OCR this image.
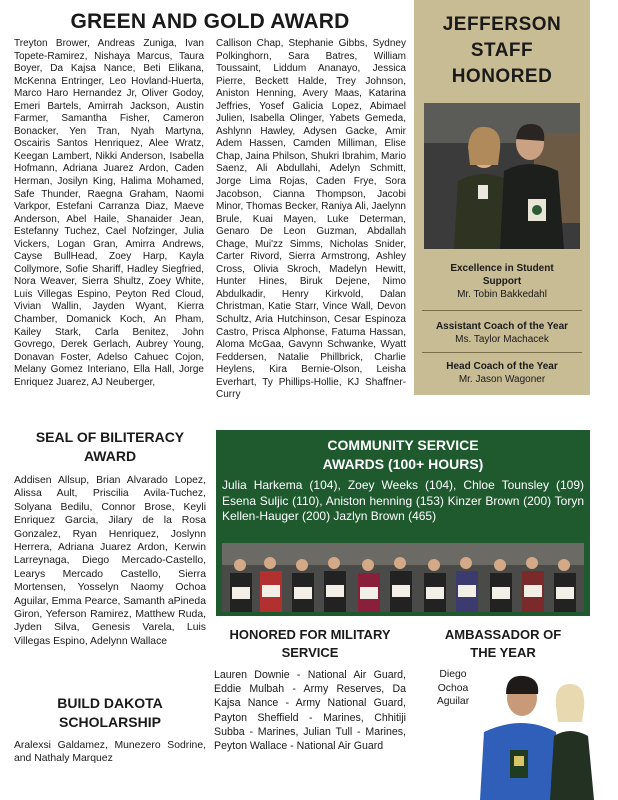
GREEN AND GOLD AWARD

Treyton Brower, Andreas Zuniga, Ivan Topete-Ramirez, Nishaya Marcus, Taura Boyer, Da Kajsa Nance, Beti Elikana, McKenna Entringer, Leo Hovland-Huerta, Marco Haro Hernandez Jr, Oliver Godoy, Emeri Bartels, Amirrah Jackson, Austin Farmer, Samantha Fisher, Cameron Bonacker, Yen Tran, Nyah Martyna, Oscairis Santos Henriquez, Alee Wratz, Keegan Lambert, Nikki Anderson, Isabella Hofmann, Adriana Juarez Ardon, Caden Herman, Josilyn King, Halima Mohamed, Safe Thunder, Raegna Graham, Naomi Varkpor, Estefani Carranza Diaz, Maeve Anderson, Abel Haile, Shanaider Jean, Estefanny Tuchez, Cael Nofzinger, Julia Vickers, Logan Gran, Amirra Andrews, Cayse BullHead, Zoey Harp, Kayla Collymore, Sofie Shariff, Hadley Siegfried, Nora Weaver, Sierra Shultz, Zoey White, Luis Villegas Espino, Peyton Red Cloud, Vivian Wallin, Jayden Wyant, Kierra Chamber, Domanick Koch, An Pham, Kailey Stark, Carla Benitez, John Govrego, Derek Gerlach, Aubrey Young, Donavan Foster, Adelso Cahuec Cojon, Melany Gomez Interiano, Ella Hall, Jorge Enriquez Juarez, AJ Neuberger,

Callison Chap, Stephanie Gibbs, Sydney Polkinghorn, Sara Batres, William Toussaint, Liddum Ananayo, Jessica Pierre, Beckett Halde, Trey Johnson, Aniston Henning, Avery Maas, Katarina Jeffries, Yosef Galicia Lopez, Abimael Julien, Isabella Olinger, Yabets Gemeda, Ashlynn Hawley, Adysen Gacke, Amir Adem Hassen, Camden Milliman, Elise Chap, Jaina Philson, Shukri Ibrahim, Mario Saenz, Ali Abdullahi, Adelyn Schmitt, Jorge Lima Rojas, Caden Frye, Sora Jacobson, Cianna Thompson, Jacobi Minor, Thomas Becker, Raniya Ali, Jaelynn Brule, Kuai Mayen, Luke Determan, Genaro De Leon Guzman, Abdallah Chage, Mui'zz Simms, Nicholas Snider, Carter Rivord, Sierra Armstrong, Ashley Cross, Olivia Skroch, Madelyn Hewitt, Hunter Hines, Biruk Dejene, Nimo Abdulkadir, Henry Kirkvold, Dalan Christman, Katie Starr, Vince Wall, Devon Schultz, Aria Hutchinson, Cesar Espinoza Castro, Prisca Alphonse, Fatuma Hassan, Aloma McGaa, Gavynn Schwanke, Wyatt Feddersen, Natalie Phillbrick, Charlie Heylens, Kira Bernie-Olson, Leisha Everhart, Ty Phillips-Hollie, KJ Shaffner-Curry

JEFFERSON
STAFF
HONORED
Excellence in Student
Support
Mr. Tobin Bakkedahl
Assistant Coach of the Year
Ms. Taylor Machacek
Head Coach of the Year
Mr. Jason Wagoner
SEAL OF BILITERACY
AWARD

Addisen Allsup, Brian Alvarado Lopez, Alissa Ault, Priscilia Avila-Tuchez, Solyana Bedilu, Connor Brose, Keyli Enriquez Garcia, Jilary de la Rosa Gonzalez, Ryan Henriquez, Joslynn Herrera, Adriana Juarez Ardon, Kerwin Larreynaga, Diego Mercado-Castello, Learys Mercado Castello, Sierra Mortensen, Yosselyn Naomy Ochoa Aguilar, Emma Pearce, Samanth aPineda Giron, Yeferson Ramirez, Matthew Ruda, Jyden Silva, Genesis Varela, Luis Villegas Espino, Adelynn Wallace

BUILD DAKOTA
SCHOLARSHIP

Aralexsi Galdamez, Munezero Sodrine, and Nathaly Marquez

COMMUNITY SERVICE
AWARDS (100+ HOURS)

Julia Harkema (104), Zoey Weeks (104), Chloe Tounsley (109) Esena Suljic (110), Aniston henning (153) Kinzer Brown (200) Toryn Kellen-Hauger (200) Jazlyn Brown (465)

HONORED FOR MILITARY
SERVICE

Lauren Downie - National Air Guard, Eddie Mulbah - Army Reserves, Da Kajsa Nance - Army National Guard, Payton Sheffield - Marines, Chhitiji Subba - Marines, Julian Tull - Marines, Peyton Wallace - National Air Guard

AMBASSADOR OF
THE YEAR
Diego
Ochoa
Aguilar
